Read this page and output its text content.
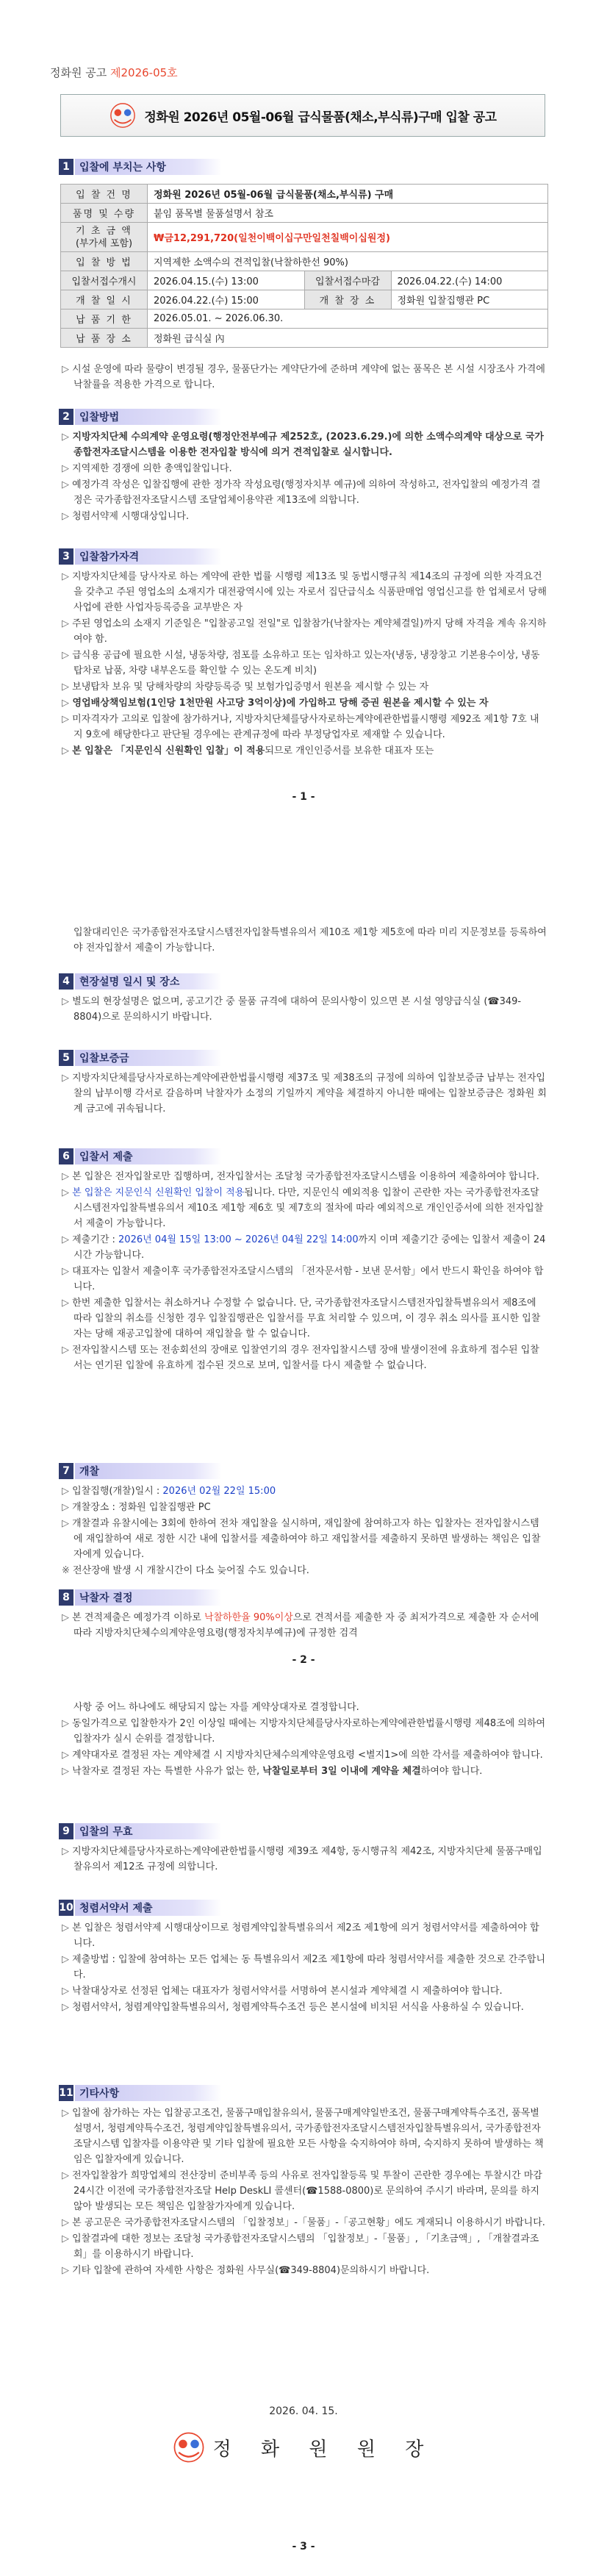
정화원 공고 제2026-05호
정화원 2026년 05월-06월 급식물품(채소,부식류)구매 입찰 공고
1 입찰에 부치는 사항
입 찰 건 명	정화원 2026년 05월-06월 급식물품(채소,부식류) 구매		
품명 및 수량	붙임 품목별 물품설명서 참조		

기 초 금 액
(부가세 포함)	₩금12,291,720(일천이백이십구만일천칠백이십원정)		
입 찰 방 법	지역제한 소액수의 견적입찰(낙찰하한선 90%)		
입찰서접수개시	2026.04.15.(수) 13:00	입찰서접수마감	2026.04.22.(수) 14:00
개 찰 일 시	2026.04.22.(수) 15:00	개 찰 장 소	정화원 입찰집행관 PC
납 품 기 한	2026.05.01. ~ 2026.06.30.		
납 품 장 소	정화원 급식실 內		

▷ 시설 운영에 따라 물량이 변경될 경우, 물품단가는 계약단가에 준하며 계약에 없는 품목은 본 시설 시장조사 가격에 낙찰률을 적용한 가격으로 합니다.

2 입찰방법

▷ 지방자치단체 수의계약 운영요령(행정안전부예규 제252호, (2023.6.29.)에 의한 소액수의계약 대상으로 국가종합전자조달시스템을 이용한 전자입찰 방식에 의거 견적입찰로 실시합니다.

▷ 지역제한 경쟁에 의한 총액입찰입니다.

▷ 예정가격 작성은 입찰집행에 관한 정가작 작성요령(행정자치부 예규)에 의하여 작성하고, 전자입찰의 예정가격 결정은 국가종합전자조달시스템 조달업체이용약관 제13조에 의합니다.

▷ 청렴서약제 시행대상입니다.

3 입찰참가자격

▷ 지방자치단체를 당사자로 하는 계약에 관한 법률 시행령 제13조 및 동법시행규칙 제14조의 규정에 의한 자격요건을 갖추고 주된 영업소의 소재지가 대전광역시에 있는 자로서 집단급식소 식품판매업 영업신고를 한 업체로서 당해사업에 관한 사업자등록증을 교부받은 자

▷ 주된 영업소의 소재지 기준일은 "입찰공고일 전일"로 입찰참가(낙찰자는 계약체결일)까지 당해 자격을 계속 유지하여야 함.

▷ 급식용 공급에 필요한 시설, 냉동차량, 점포를 소유하고 또는 임차하고 있는자(냉동, 냉장창고 기본용수이상, 냉동탑차로 납품, 차량 내부온도를 확인할 수 있는 온도계 비치)

▷ 보냉탑차 보유 및 당해차량의 차량등록증 및 보험가입증명서 원본을 제시할 수 있는 자

▷ 영업배상책임보험(1인당 1천만원 사고당 3억이상)에 가입하고 당해 증권 원본을 제시할 수 있는 자

▷ 미자격자가 고의로 입찰에 참가하거나, 지방자치단체를당사자로하는계약에관한법률시행령 제92조 제1항 7호 내지 9호에 해당한다고 판단될 경우에는 관계규정에 따라 부정당업자로 제재할 수 있습니다.

▷ 본 입찰은 「지문인식 신원확인 입찰」이 적용되므로 개인인증서를 보유한 대표자 또는

- 1 -

입찰대리인은 국가종합전자조달시스템전자입찰특별유의서 제10조 제1항 제5호에 따라 미리 지문정보를 등록하여야 전자입찰서 제출이 가능합니다.

4 현장설명 일시 및 장소

▷ 별도의 현장설명은 없으며, 공고기간 중 물품 규격에 대하여 문의사항이 있으면 본 시설 영양급식실 (☎349-8804)으로 문의하시기 바랍니다.

5 입찰보증금

▷ 지방자치단체를당사자로하는계약에관한법률시행령 제37조 및 제38조의 규정에 의하여 입찰보증금 납부는 전자입찰의 납부이행 각서로 갈음하며 낙찰자가 소정의 기일까지 계약을 체결하지 아니한 때에는 입찰보증금은 정화원 회계 금고에 귀속됩니다.

6 입찰서 제출

▷ 본 입찰은 전자입찰로만 집행하며, 전자입찰서는 조달청 국가종합전자조달시스템을 이용하여 제출하여야 합니다.

▷ 본 입찰은 지문인식 신원확인 입찰이 적용됩니다. 다만, 지문인식 예외적용 입찰이 곤란한 자는 국가종합전자조달시스템전자입찰특별유의서 제10조 제1항 제6호 및 제7호의 절차에 따라 예외적으로 개인인증서에 의한 전자입찰서 제출이 가능합니다.

▷ 제출기간 : 2026년 04월 15일 13:00 ~ 2026년 04월 22일 14:00까지 이며 제출기간 중에는 입찰서 제출이 24시간 가능합니다.

▷ 대표자는 입찰서 제출이후 국가종합전자조달시스템의 「전자문서함 - 보낸 문서함」에서 반드시 확인을 하여야 합니다.

▷ 한번 제출한 입찰서는 취소하거나 수정할 수 없습니다. 단, 국가종합전자조달시스템전자입찰특별유의서 제8조에 따라 입찰의 취소를 신청한 경우 입찰집행관은 입찰서를 무효 처리할 수 있으며, 이 경우 취소 의사를 표시한 입찰자는 당해 재공고입찰에 대하여 재입찰을 할 수 없습니다.

▷ 전자입찰시스템 또는 전송회선의 장애로 입찰연기의 경우 전자입찰시스템 장애 발생이전에 유효하게 접수된 입찰서는 연기된 입찰에 유효하게 접수된 것으로 보며, 입찰서를 다시 제출할 수 없습니다.

7 개찰

▷ 입찰집행(개찰)일시 : 2026년 02월 22일 15:00

▷ 개찰장소 : 정화원 입찰집행관 PC

▷ 개찰결과 유찰시에는 3회에 한하여 전차 재입찰을 실시하며, 재입찰에 참여하고자 하는 입찰자는 전자입찰시스템에 재입찰하여 새로 정한 시간 내에 입찰서를 제출하여야 하고 재입찰서를 제출하지 못하면 발생하는 책임은 입찰자에게 있습니다.

※ 전산장애 발생 시 개찰시간이 다소 늦어질 수도 있습니다.

8 낙찰자 결정

▷ 본 견적제출은 예정가격 이하로 낙찰하한율 90%이상으로 견적서를 제출한 자 중 최저가격으로 제출한 자 순서에 따라 지방자치단체수의계약운영요령(행정자치부예규)에 규정한 검격

- 2 -

사항 중 어느 하나에도 해당되지 않는 자를 계약상대자로 결정합니다.

▷ 동일가격으로 입찰한자가 2인 이상일 때에는 지방자치단체를당사자로하는계약에관한법률시행령 제48조에 의하여 입찰자가 실시 순위를 결정합니다.

▷ 계약대자로 결정된 자는 계약체결 시 지방자치단체수의계약운영요령 <별지1>에 의한 각서를 제출하여야 합니다.

▷ 낙찰자로 결정된 자는 특별한 사유가 없는 한, 낙찰일로부터 3일 이내에 계약을 체결하여야 합니다.

9 입찰의 무효

▷ 지방자치단체를당사자로하는계약에관한법률시행령 제39조 제4항, 동시행규칙 제42조, 지방자치단체 물품구매입찰유의서 제12조 규정에 의합니다.

10 청렴서약서 제출

▷ 본 입찰은 청렴서약제 시행대상이므로 청렴계약입찰특별유의서 제2조 제1항에 의거 청렴서약서를 제출하여야 합니다.

▷ 제출방법 : 입찰에 참여하는 모든 업체는 동 특별유의서 제2조 제1항에 따라 청렴서약서를 제출한 것으로 간주합니다.

▷ 낙찰대상자로 선정된 업체는 대표자가 청렴서약서를 서명하여 본시설과 계약체결 시 제출하여야 합니다.

▷ 청렴서약서, 청렴계약입찰특별유의서, 청렴계약특수조건 등은 본시설에 비치된 서식을 사용하실 수 있습니다.

11 기타사항

▷ 입찰에 참가하는 자는 입찰공고조건, 물품구매입찰유의서, 물품구매계약일반조건, 물품구매계약특수조건, 품목별설명서, 청렴계약특수조건, 청렴계약입찰특별유의서, 국가종합전자조달시스템전자입찰특별유의서, 국가종합전자조달시스템 입찰자를 이용약관 및 기타 입찰에 필요한 모든 사항을 숙지하여야 하며, 숙지하지 못하여 발생하는 책임은 입찰자에게 있습니다.

▷ 전자입찰참가 희망업체의 전산장비 준비부족 등의 사유로 전자입찰등록 및 투찰이 곤란한 경우에는 투찰시간 마감 24시간 이전에 국가종합전자조달 Help DeskLI 콜센터(☎1588-0800)로 문의하여 주시기 바라며, 문의를 하지 않아 발생되는 모든 책임은 입찰참가자에게 있습니다.

▷ 본 공고문은 국가종합전자조달시스템의 「입찰정보」-「물품」-「공고현황」에도 게재되니 이용하시기 바랍니다.

▷ 입찰결과에 대한 정보는 조달청 국가종합전자조달시스템의 「입찰정보」-「물품」, 「기초금액」, 「개찰결과조회」를 이용하시기 바랍니다.

▷ 기타 입찰에 관하여 자세한 사항은 정화원 사무실(☎349-8804)문의하시기 바랍니다.

2026. 04. 15.
정 화 원 원 장
- 3 -
